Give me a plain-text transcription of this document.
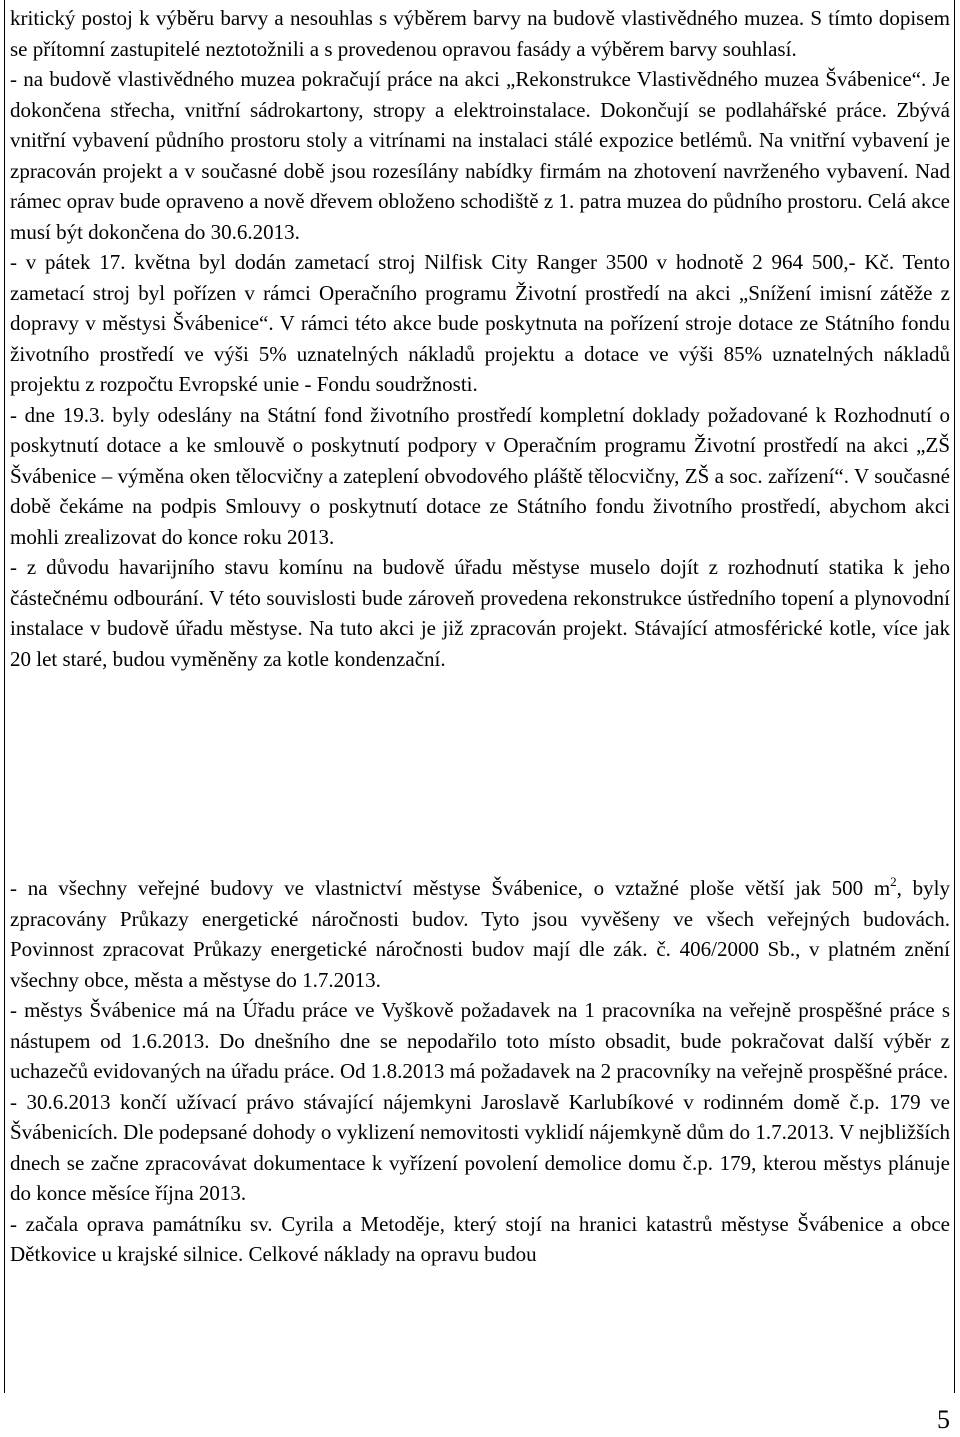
kritický postoj k výběru barvy a nesouhlas s výběrem barvy na budově vlastivědného muzea. S tímto dopisem se přítomní zastupitelé neztotožnili a s provedenou opravou fasády a výběrem barvy souhlasí.

- na budově vlastivědného muzea pokračují práce na akci „Rekonstrukce Vlastivědného muzea Švábenice“. Je dokončena střecha, vnitřní sádrokartony, stropy a elektroinstalace. Dokončují se podlahářské práce. Zbývá vnitřní vybavení půdního prostoru stoly a vitrínami na instalaci stálé expozice betlémů. Na vnitřní vybavení je zpracován projekt a v současné době jsou rozesílány nabídky firmám na zhotovení navrženého vybavení. Nad rámec oprav bude opraveno a nově dřevem obloženo schodiště z 1. patra muzea do půdního prostoru. Celá akce musí být dokončena do 30.6.2013.

- v pátek 17. května byl dodán zametací stroj Nilfisk City Ranger 3500 v hodnotě 2 964 500,- Kč. Tento zametací stroj byl pořízen v rámci Operačního programu Životní prostředí na akci „Snížení imisní zátěže z dopravy v městysi Švábenice“. V rámci této akce bude poskytnuta na pořízení stroje dotace ze Státního fondu životního prostředí ve výši 5% uznatelných nákladů projektu a dotace ve výši 85% uznatelných nákladů projektu z rozpočtu Evropské unie - Fondu soudržnosti.

- dne 19.3. byly odeslány na Státní fond životního prostředí kompletní doklady požadované k Rozhodnutí o poskytnutí dotace a ke smlouvě o poskytnutí podpory v Operačním programu Životní prostředí na akci „ZŠ Švábenice – výměna oken tělocvičny a zateplení obvodového pláště tělocvičny, ZŠ a soc. zařízení“. V současné době čekáme na podpis Smlouvy o poskytnutí dotace ze Státního fondu životního prostředí, abychom akci mohli zrealizovat do konce roku 2013.

- z důvodu havarijního stavu komínu na budově úřadu městyse muselo dojít z rozhodnutí statika k jeho částečnému odbourání. V této souvislosti bude zároveň provedena rekonstrukce ústředního topení a plynovodní instalace v budově úřadu městyse. Na tuto akci je již zpracován projekt. Stávající atmosférické kotle, více jak 20 let staré, budou vyměněny za kotle kondenzační.

- na všechny veřejné budovy ve vlastnictví městyse Švábenice, o vztažné ploše větší jak 500 $m^2$, byly zpracovány Průkazy energetické náročnosti budov. Tyto jsou vyvěšeny ve všech veřejných budovách. Povinnost zpracovat Průkazy energetické náročnosti budov mají dle zák. č. 406/2000 Sb., v platném znění všechny obce, města a městyse do 1.7.2013.

- městys Švábenice má na Úřadu práce ve Vyškově požadavek na 1 pracovníka na veřejně prospěšné práce s nástupem od 1.6.2013. Do dnešního dne se nepodařilo toto místo obsadit, bude pokračovat další výběr z uchazečů evidovaných na úřadu práce. Od 1.8.2013 má požadavek na 2 pracovníky na veřejně prospěšné práce.

- 30.6.2013 končí užívací právo stávající nájemkyni Jaroslavě Karlubíkové v rodinném domě č.p. 179 ve Švábenicích. Dle podepsané dohody o vyklizení nemovitosti vyklidí nájemkyně dům do 1.7.2013. V nejbližších dnech se začne zpracovávat dokumentace k vyřízení povolení demolice domu č.p. 179, kterou městys plánuje do konce měsíce října 2013.

- začala oprava památníku sv. Cyrila a Metoděje, který stojí na hranici katastrů městyse Švábenice a obce Dětkovice u krajské silnice. Celkové náklady na opravu budou

5
